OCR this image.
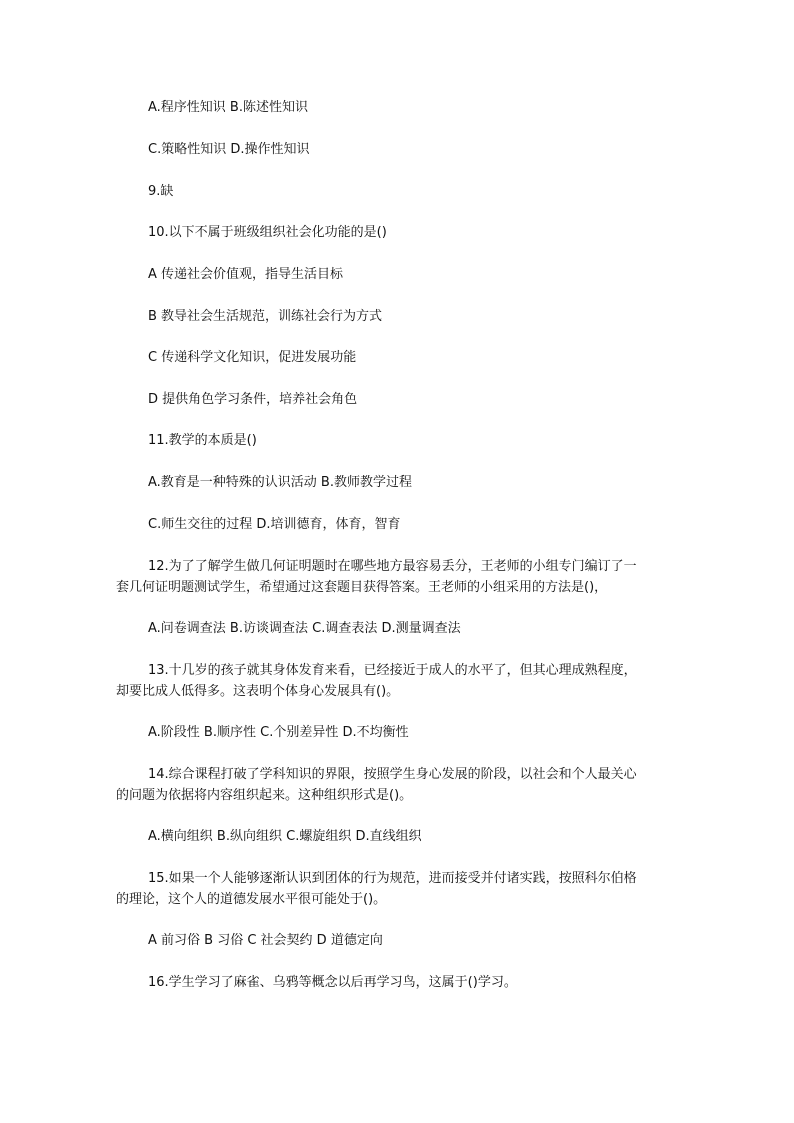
A.程序性知识 B.陈述性知识
C.策略性知识 D.操作性知识
9.缺
10.以下不属于班级组织社会化功能的是()
A 传递社会价值观，指导生活目标
B 教导社会生活规范，训练社会行为方式
C 传递科学文化知识，促进发展功能
D 提供角色学习条件，培养社会角色
11.教学的本质是()
A.教育是一种特殊的认识活动 B.教师教学过程
C.师生交往的过程 D.培训德育，体育，智育
12.为了了解学生做几何证明题时在哪些地方最容易丢分，王老师的小组专门编订了一
套几何证明题测试学生，希望通过这套题目获得答案。王老师的小组采用的方法是()，
A.问卷调查法 B.访谈调查法 C.调查表法 D.测量调查法
13.十几岁的孩子就其身体发育来看，已经接近于成人的水平了，但其心理成熟程度，
却要比成人低得多。这表明个体身心发展具有()。
A.阶段性 B.顺序性 C.个别差异性 D.不均衡性
14.综合课程打破了学科知识的界限，按照学生身心发展的阶段，以社会和个人最关心
的问题为依据将内容组织起来。这种组织形式是()。
A.横向组织 B.纵向组织 C.螺旋组织 D.直线组织
15.如果一个人能够逐渐认识到团体的行为规范，进而接受并付诸实践，按照科尔伯格
的理论，这个人的道德发展水平很可能处于()。
A 前习俗 B 习俗 C 社会契约 D 道德定向
16.学生学习了麻雀、乌鸦等概念以后再学习鸟，这属于()学习。
